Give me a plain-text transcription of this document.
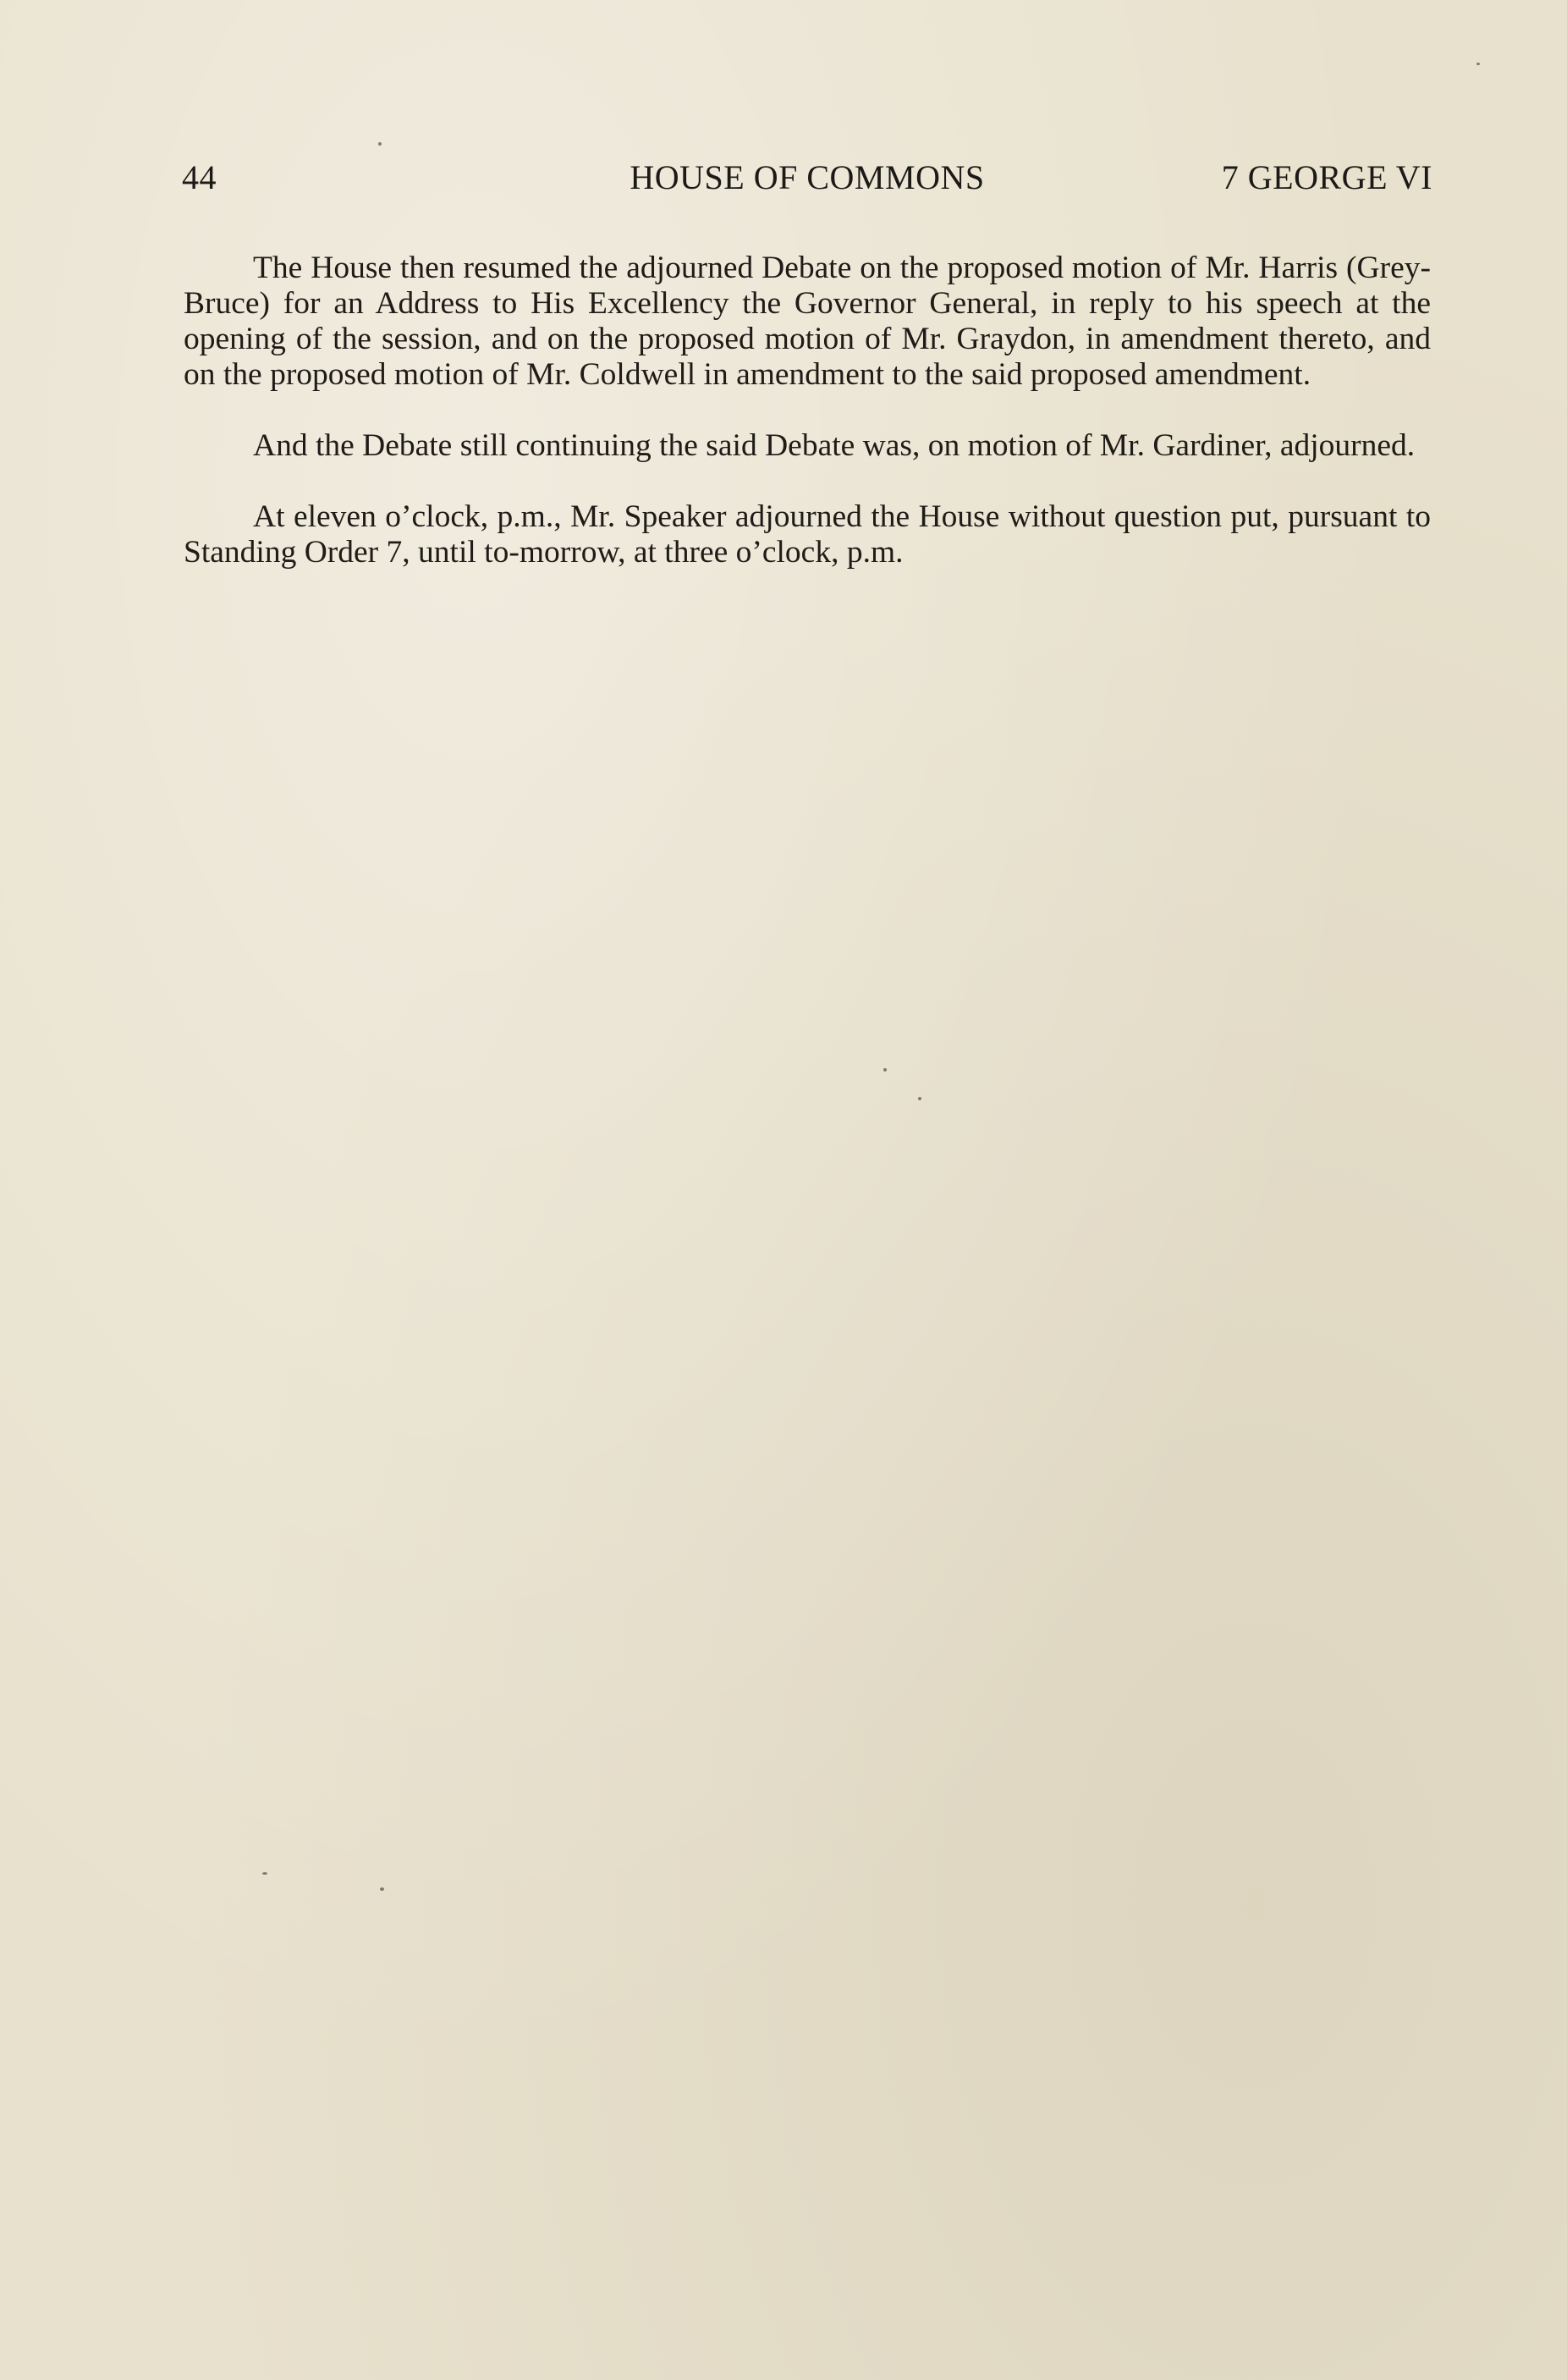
44	HOUSE OF COMMONS	7 GEORGE VI

The House then resumed the adjourned Debate on the proposed motion of Mr. Harris (Grey-Bruce) for an Address to His Excellency the Governor General, in reply to his speech at the opening of the session, and on the proposed motion of Mr. Graydon, in amendment thereto, and on the proposed motion of Mr. Coldwell in amendment to the said proposed amendment.

And the Debate still continuing the said Debate was, on motion of Mr. Gardiner, adjourned.

At eleven o’clock, p.m., Mr. Speaker adjourned the House without question put, pursuant to Standing Order 7, until to-morrow, at three o’clock, p.m.
